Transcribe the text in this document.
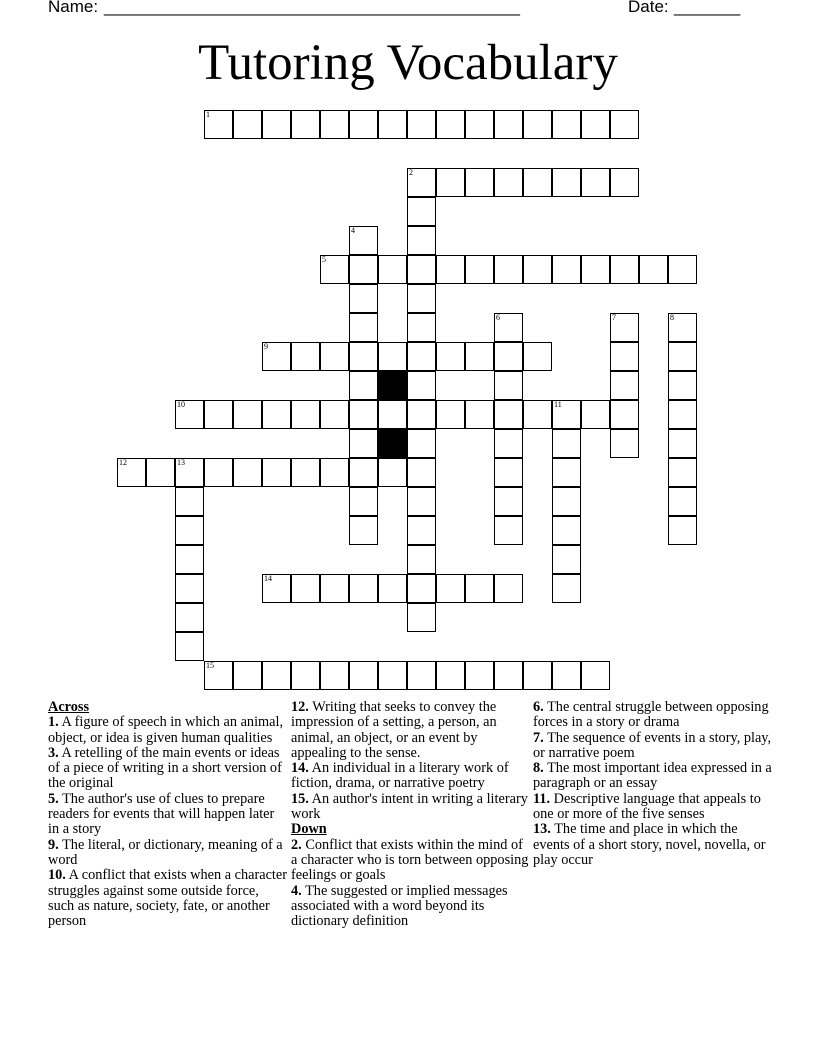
Name: ____________________________________________	Date: _______
Tutoring Vocabulary
1
2
5
9
10	11
12	13
14
15
4
6	7	8
Across
1. A figure of speech in which an animal, object, or idea is given human qualities
3. A retelling of the main events or ideas of a piece of writing in a short version of the original
5. The author's use of clues to prepare readers for events that will happen later in a story
9. The literal, or dictionary, meaning of a word
10. A conflict that exists when a character struggles against some outside force, such as nature, society, fate, or another person
12. Writing that seeks to convey the impression of a setting, a person, an animal, an object, or an event by appealing to the sense.
14. An individual in a literary work of fiction, drama, or narrative poetry
15. An author's intent in writing a literary work
Down
2. Conflict that exists within the mind of a character who is torn between opposing feelings or goals
4. The suggested or implied messages associated with a word beyond its dictionary definition
6. The central struggle between opposing forces in a story or drama
7. The sequence of events in a story, play, or narrative poem
8. The most important idea expressed in a paragraph or an essay
11. Descriptive language that appeals to one or more of the five senses
13. The time and place in which the events of a short story, novel, novella, or play occur
